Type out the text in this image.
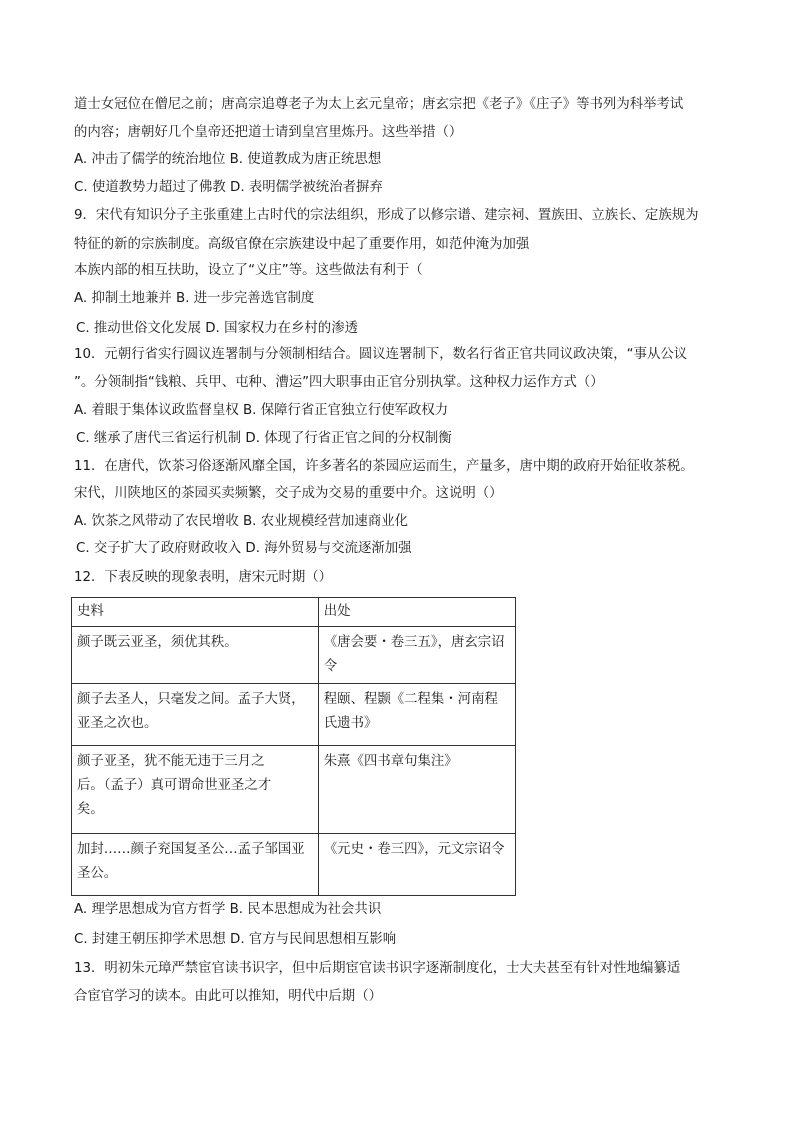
道士女冠位在僧尼之前；唐高宗追尊老子为太上玄元皇帝；唐玄宗把《老子》《庄子》等书列为科举考试
的内容；唐朝好几个皇帝还把道士请到皇宫里炼丹。这些举措（）
A. 冲击了儒学的统治地位 B. 使道教成为唐正统思想
C. 使道教势力超过了佛教 D. 表明儒学被统治者摒弃
9．宋代有知识分子主张重建上古时代的宗法组织，形成了以修宗谱、建宗祠、置族田、立族长、定族规为
特征的新的宗族制度。高级官僚在宗族建设中起了重要作用，如范仲淹为加强
本族内部的相互扶助，设立了“义庄”等。这些做法有利于（
A. 抑制土地兼并 B. 进一步完善选官制度
C. 推动世俗文化发展 D. 国家权力在乡村的渗透
10．元朝行省实行圆议连署制与分领制相结合。圆议连署制下，数名行省正官共同议政决策，“事从公议
”。分领制指“钱粮、兵甲、屯种、漕运”四大职事由正官分别执掌。这种权力运作方式（）
A. 着眼于集体议政监督皇权 B. 保障行省正官独立行使军政权力
C. 继承了唐代三省运行机制 D. 体现了行省正官之间的分权制衡
11．在唐代，饮茶习俗逐渐风靡全国，许多著名的茶园应运而生，产量多，唐中期的政府开始征收茶税。
宋代，川陕地区的茶园买卖频繁，交子成为交易的重要中介。这说明（）
A. 饮茶之风带动了农民增收 B. 农业规模经营加速商业化
C. 交子扩大了政府财政收入 D. 海外贸易与交流逐渐加强
12．下表反映的现象表明，唐宋元时期（）
史料	出处

颜子既云亚圣，须优其秩。	《唐会要・卷三五》，唐玄宗诏令

颜子去圣人，只毫发之间。孟子大贤，亚圣之次也。	程颐、程颢《二程集・河南程氏遗书》

颜子亚圣，犹不能无违于三月之后。（孟子）真可谓命世亚圣之才矣。	朱熹《四书章句集注》

加封……颜子兖国复圣公…孟子邹国亚圣公。	《元史・卷三四》，元文宗诏令
A. 理学思想成为官方哲学 B. 民本思想成为社会共识
C. 封建王朝压抑学术思想 D. 官方与民间思想相互影响
13．明初朱元璋严禁宦官读书识字，但中后期宦官读书识字逐渐制度化，士大夫甚至有针对性地编纂适
合宦官学习的读本。由此可以推知，明代中后期（）
